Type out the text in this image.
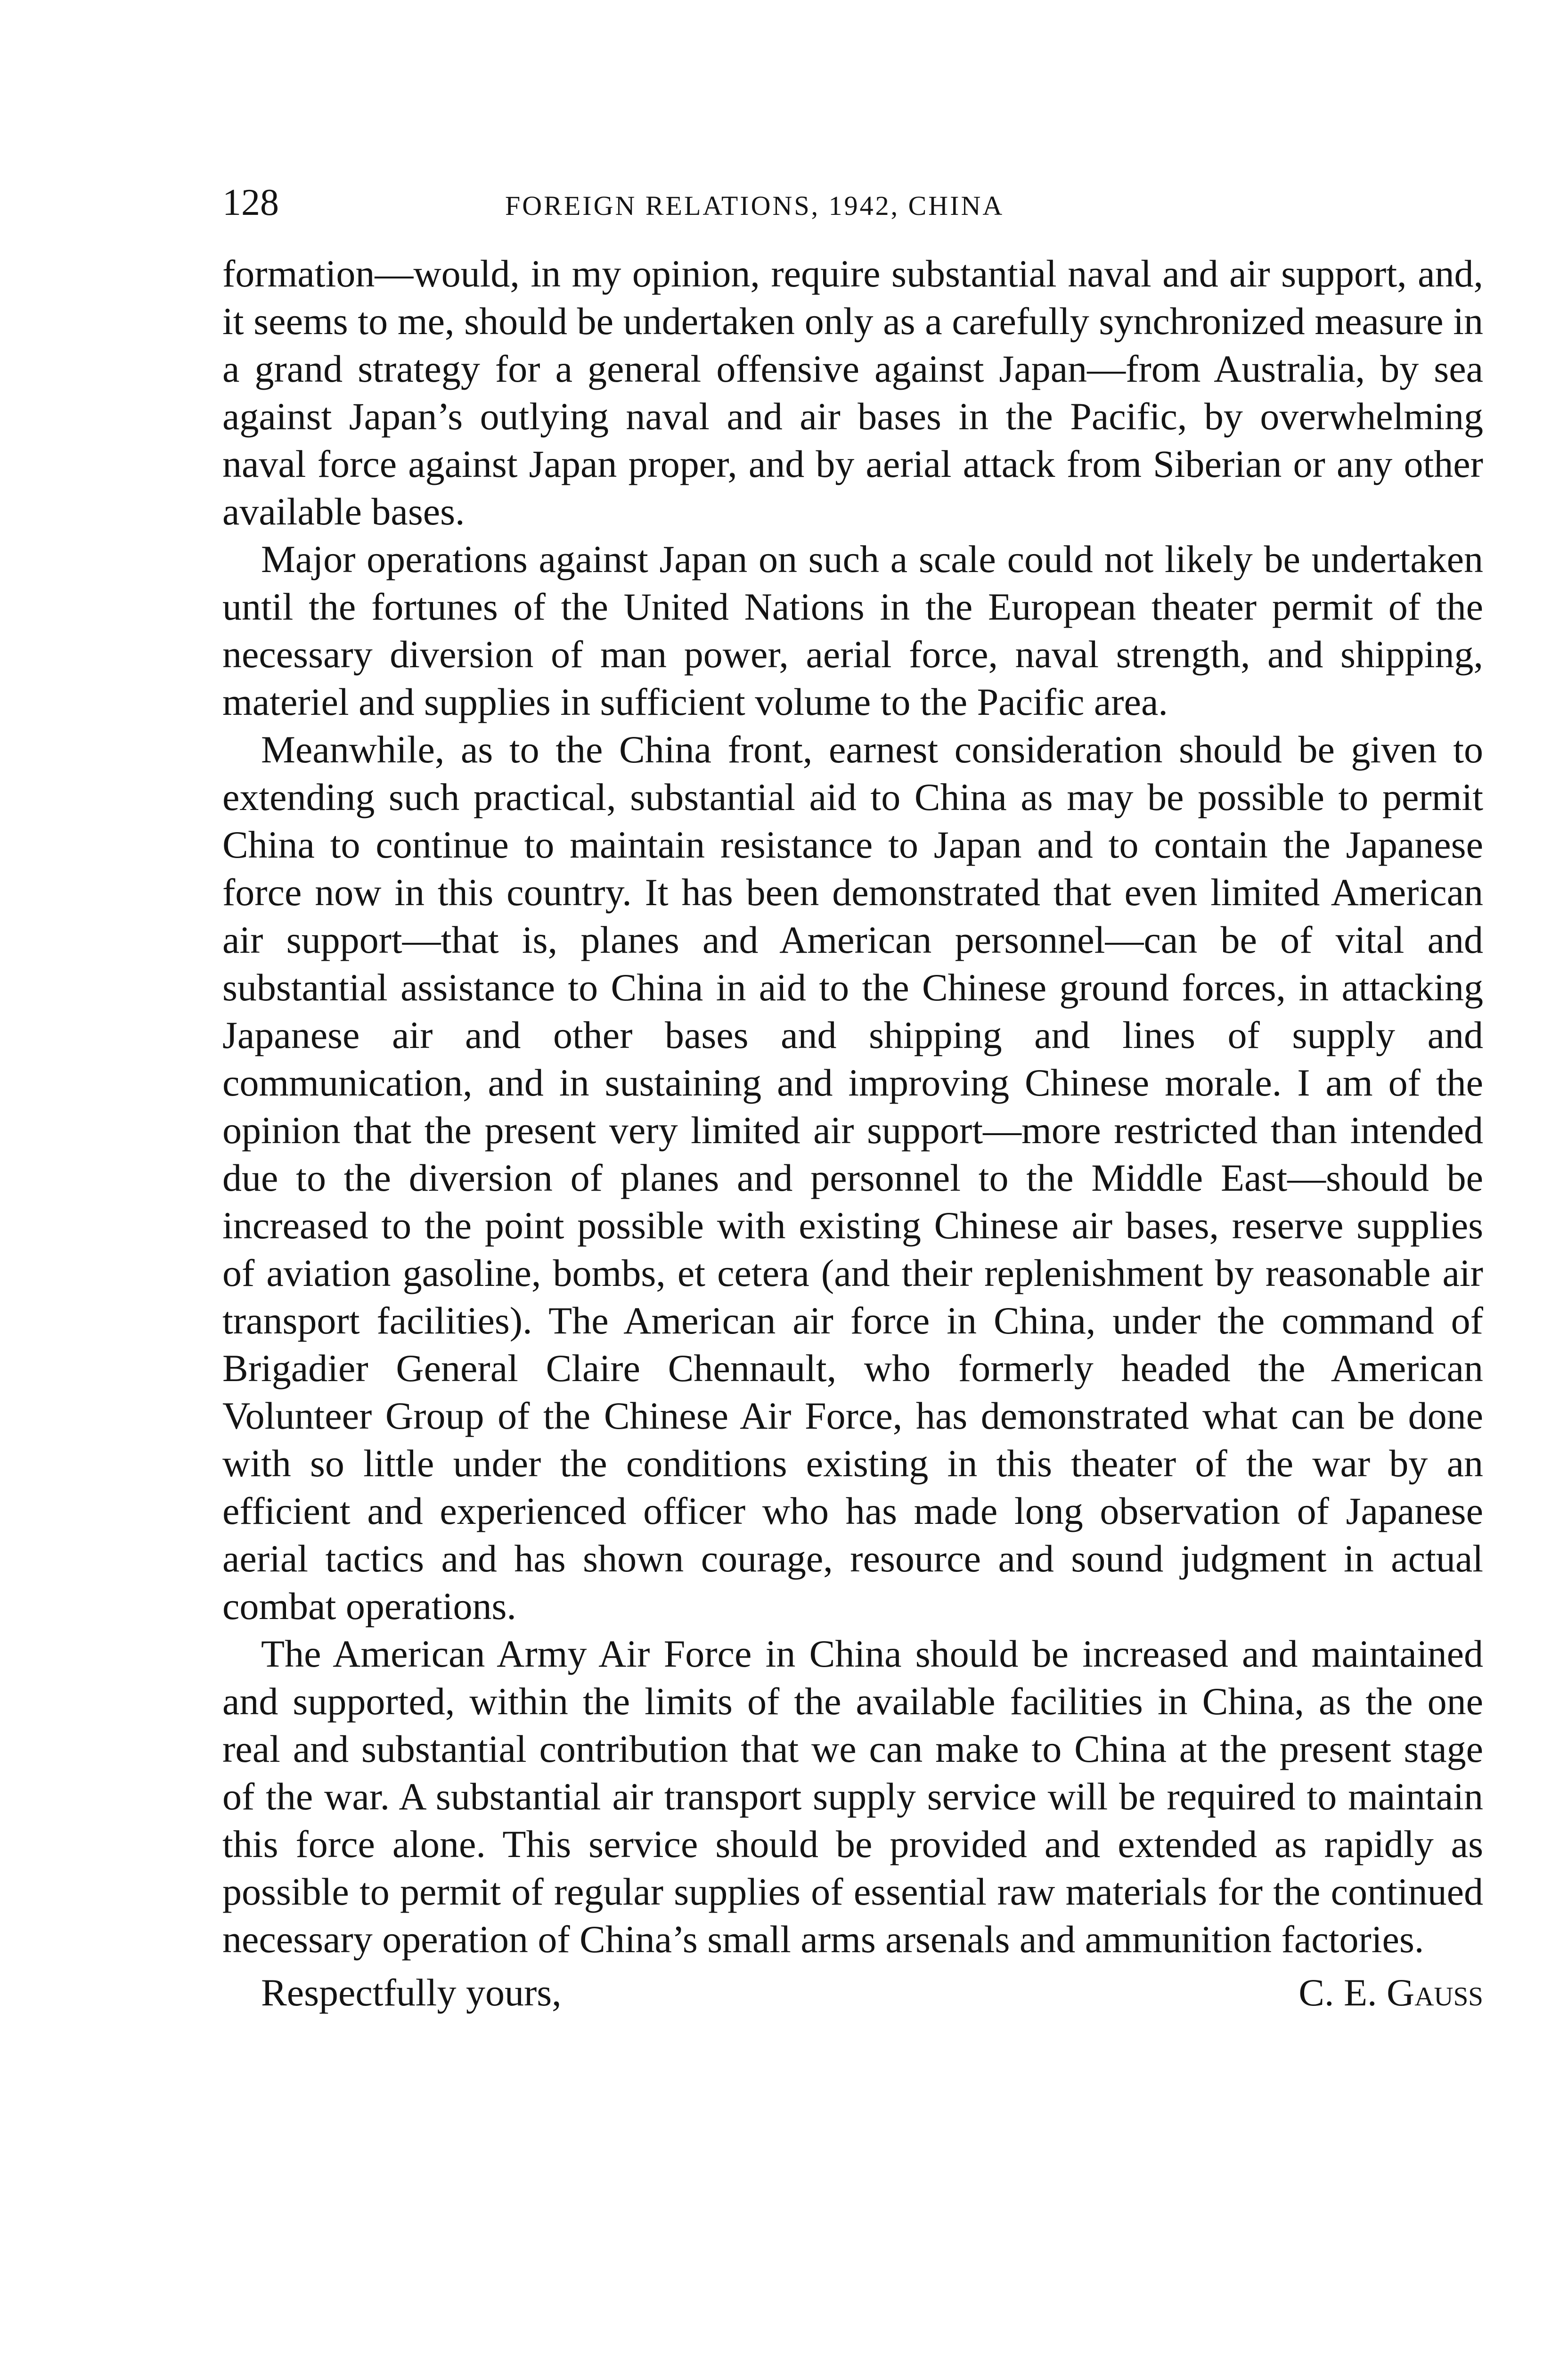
128	FOREIGN RELATIONS, 1942, CHINA

formation—would, in my opinion, require substantial naval and air support, and, it seems to me, should be undertaken only as a carefully synchronized measure in a grand strategy for a general offensive against Japan—from Australia, by sea against Japan’s outlying naval and air bases in the Pacific, by overwhelming naval force against Japan proper, and by aerial attack from Siberian or any other available bases.

Major operations against Japan on such a scale could not likely be undertaken until the fortunes of the United Nations in the European theater permit of the necessary diversion of man power, aerial force, naval strength, and shipping, materiel and supplies in sufficient volume to the Pacific area.

Meanwhile, as to the China front, earnest consideration should be given to extending such practical, substantial aid to China as may be possible to permit China to continue to maintain resistance to Japan and to contain the Japanese force now in this country. It has been demonstrated that even limited American air support—that is, planes and American personnel—can be of vital and substantial assistance to China in aid to the Chinese ground forces, in attacking Japanese air and other bases and shipping and lines of supply and communication, and in sustaining and improving Chinese morale. I am of the opinion that the present very limited air support—more restricted than intended due to the diversion of planes and personnel to the Middle East—should be increased to the point possible with existing Chinese air bases, reserve supplies of aviation gasoline, bombs, et cetera (and their replenishment by reasonable air transport facilities). The American air force in China, under the command of Brigadier General Claire Chennault, who formerly headed the American Volunteer Group of the Chinese Air Force, has demonstrated what can be done with so little under the conditions existing in this theater of the war by an efficient and experienced officer who has made long observation of Japanese aerial tactics and has shown courage, resource and sound judgment in actual combat operations.

The American Army Air Force in China should be increased and maintained and supported, within the limits of the available facilities in China, as the one real and substantial contribution that we can make to China at the present stage of the war. A substantial air transport supply service will be required to maintain this force alone. This service should be provided and extended as rapidly as possible to permit of regular supplies of essential raw materials for the continued necessary operation of China’s small arms arsenals and ammunition factories.

Respectfully yours,	C. E. Gauss
